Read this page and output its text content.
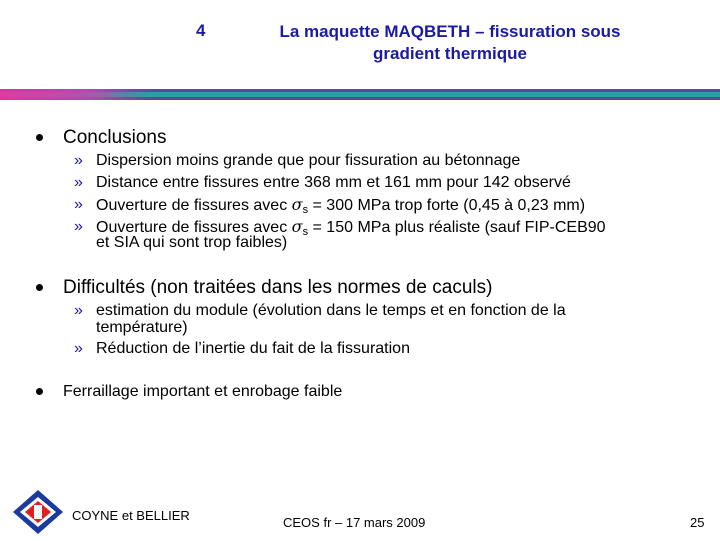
4	La maquette MAQBETH – fissuration sous gradient thermique
Conclusions
» Dispersion moins grande que pour fissuration au bétonnage
» Distance entre fissures entre 368 mm et 161 mm pour 142 observé
» Ouverture de fissures avec $\sigma_s = 300$ MPa trop forte (0,45 à 0,23 mm)
» Ouverture de fissures avec $\sigma_s = 150$ MPa plus réaliste (sauf FIP-CEB90
et SIA qui sont trop faibles)
Difficultés (non traitées dans les normes de caculs)
» estimation du module (évolution dans le temps et en fonction de la
température)
» Réduction de l’inertie du fait de la fissuration
Ferraillage important et enrobage faible
COYNE et BELLIER	CEOS fr – 17 mars 2009	25
